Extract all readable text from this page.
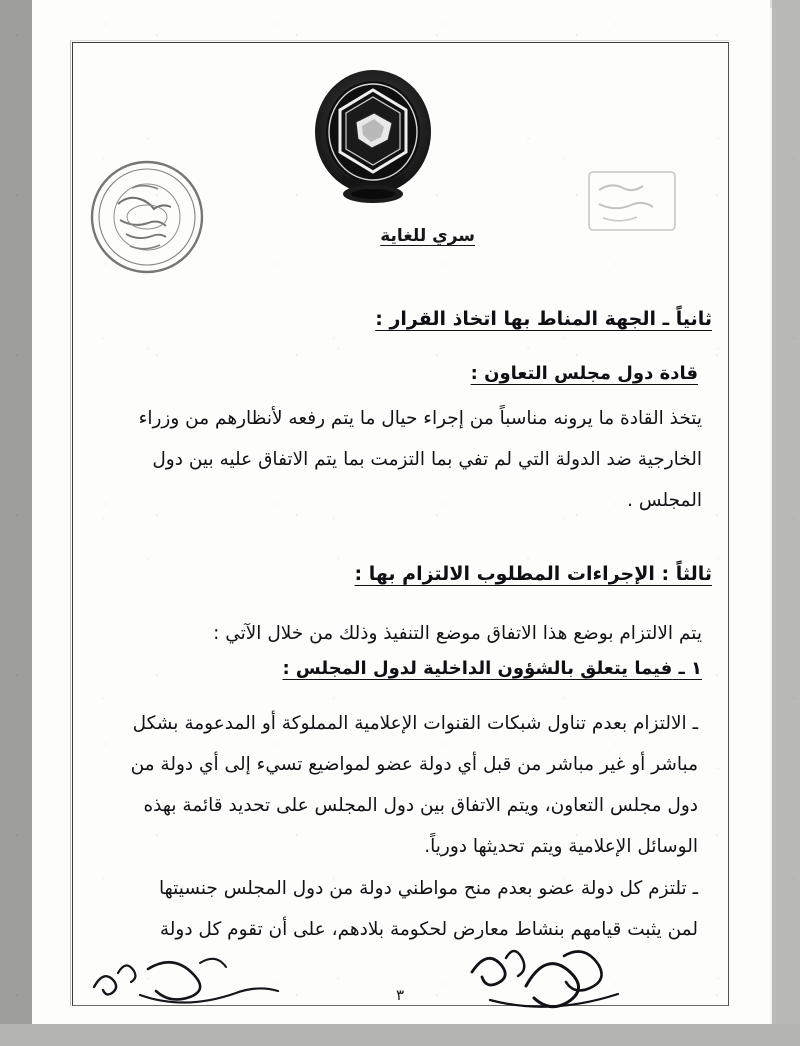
سري للغاية
ثانياً ـ الجهة المناط بها اتخاذ القرار :
قادة دول مجلس التعاون :
يتخذ القادة ما يرونه مناسباً من إجراء حيال ما يتم رفعه لأنظارهم من وزراء الخارجية ضد الدولة التي لم تفي بما التزمت بما يتم الاتفاق عليه بين دول المجلس .
ثالثاً : الإجراءات المطلوب الالتزام بها :
يتم الالتزام بوضع هذا الاتفاق موضع التنفيذ وذلك من خلال الآتي :
١ ـ فيما يتعلق بالشؤون الداخلية لدول المجلس :
ـ الالتزام بعدم تناول شبكات القنوات الإعلامية المملوكة أو المدعومة بشكل مباشر أو غير مباشر من قبل أي دولة عضو لمواضيع تسيء إلى أي دولة من دول مجلس التعاون، ويتم الاتفاق بين دول المجلس على تحديد قائمة بهذه الوسائل الإعلامية ويتم تحديثها دورياً.
ـ تلتزم كل دولة عضو بعدم منح مواطني دولة من دول المجلس جنسيتها لمن يثبت قيامهم بنشاط معارض لحكومة بلادهم، على أن تقوم كل دولة
٣
